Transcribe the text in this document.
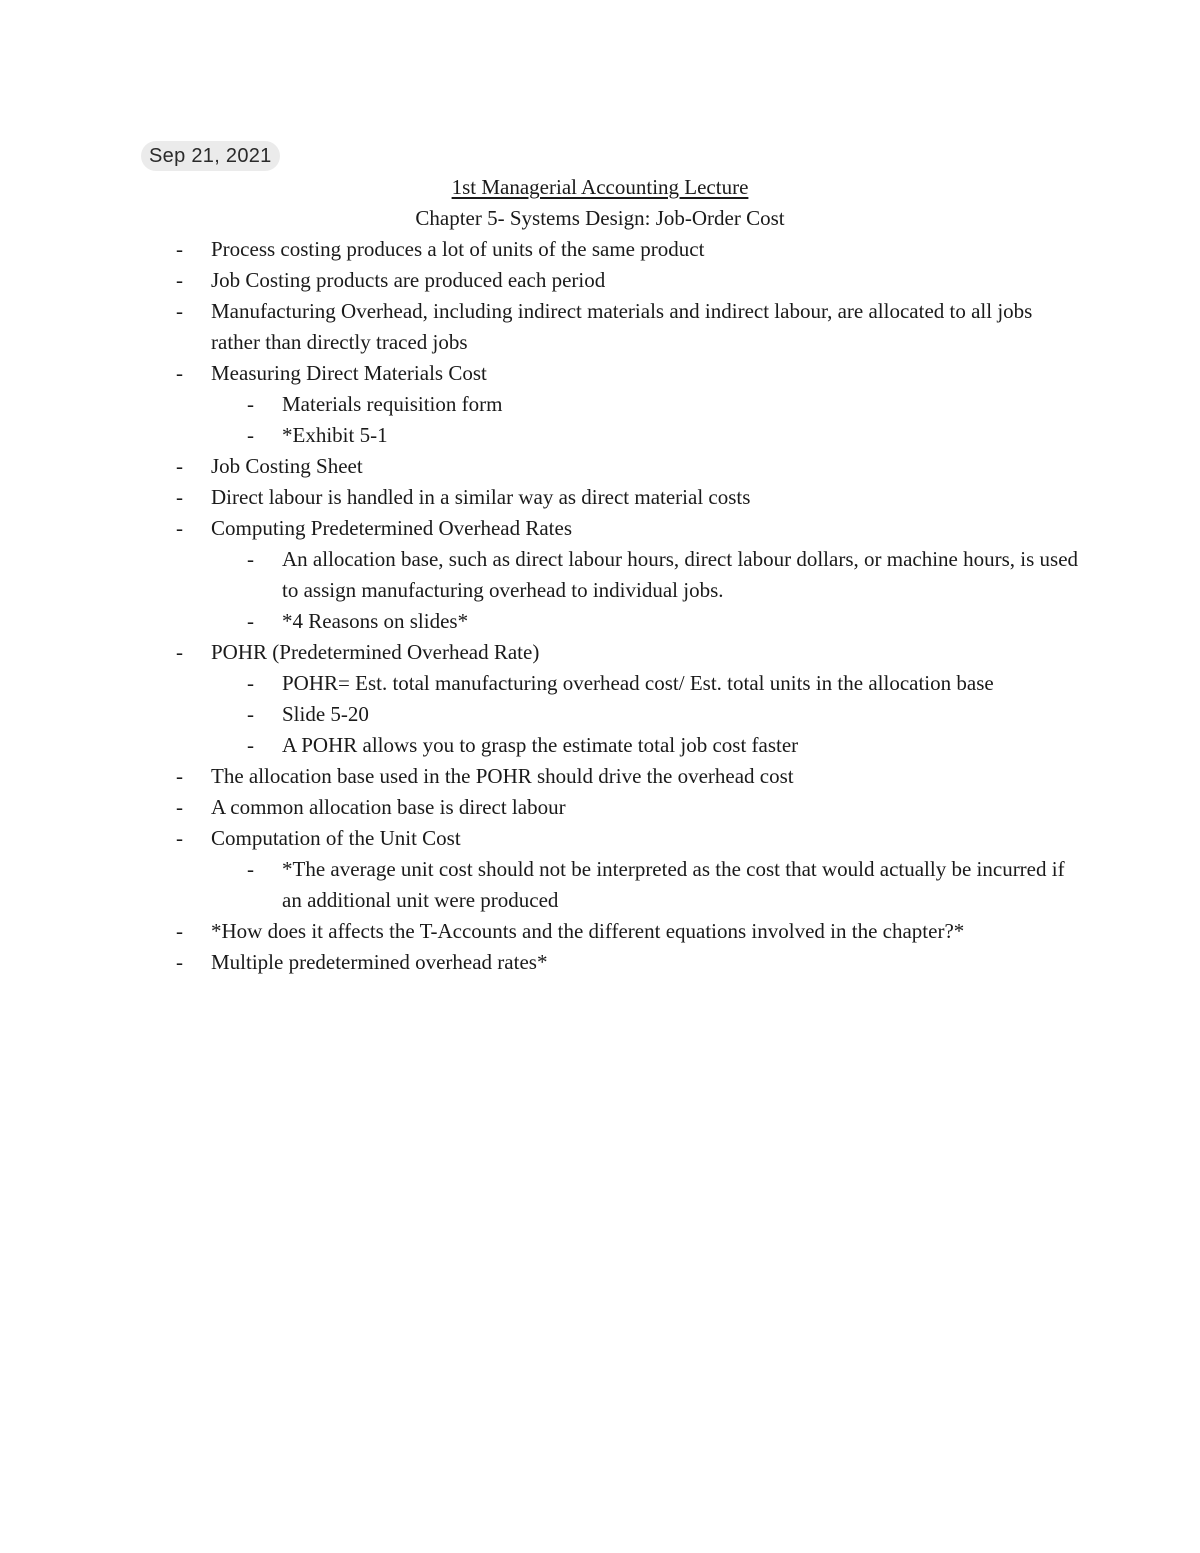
Sep 21, 2021
1st Managerial Accounting Lecture
Chapter 5- Systems Design: Job-Order Cost
- Process costing produces a lot of units of the same product
- Job Costing products are produced each period
- Manufacturing Overhead, including indirect materials and indirect labour, are allocated to all jobs rather than directly traced jobs
- Measuring Direct Materials Cost
- Materials requisition form
- *Exhibit 5-1
- Job Costing Sheet
- Direct labour is handled in a similar way as direct material costs
- Computing Predetermined Overhead Rates
- An allocation base, such as direct labour hours, direct labour dollars, or machine hours, is used to assign manufacturing overhead to individual jobs.
- *4 Reasons on slides*
- POHR (Predetermined Overhead Rate)
- POHR= Est. total manufacturing overhead cost/ Est. total units in the allocation base
- Slide 5-20
- A POHR allows you to grasp the estimate total job cost faster
- The allocation base used in the POHR should drive the overhead cost
- A common allocation base is direct labour
- Computation of the Unit Cost
- *The average unit cost should not be interpreted as the cost that would actually be incurred if an additional unit were produced
- *How does it affects the T-Accounts and the different equations involved in the chapter?*
- Multiple predetermined overhead rates*
